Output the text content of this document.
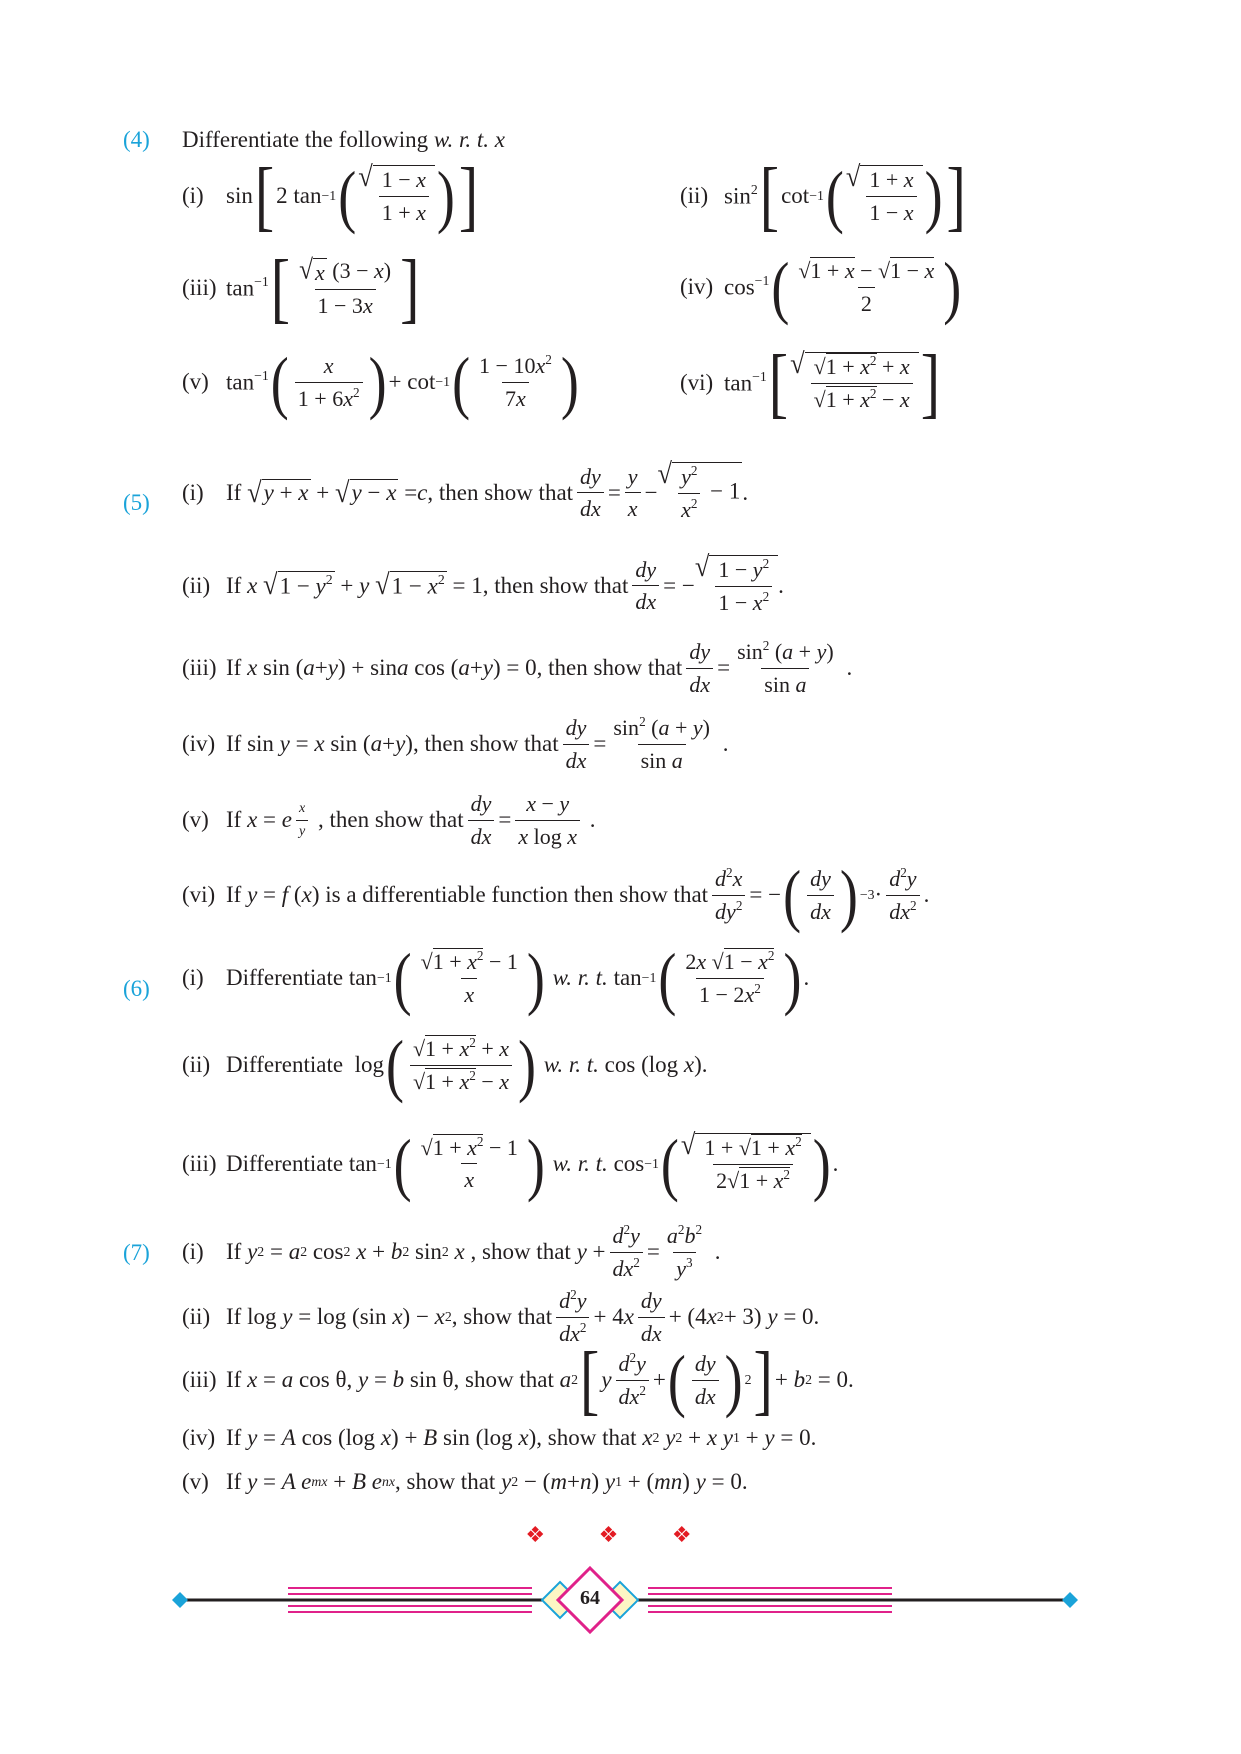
(4) Differentiate the following w. r. t. x
(i) sin [ 2 tan −1 ( √ $\frac{1 - x}{1 + x}$ ) ]	(ii) $\sin^2$ [ cot −1 ( √ $\frac{1 + x}{1 - x}$ ) ]
(iii) $\tan^{-1}$ [ $\frac{√ x (3 - x)}{1 - 3x}$ ]	(iv) $\cos^{-1}$ ( $\frac{√1 + x - √1 - x}{2}$ )
(v) $\tan^{-1}$ ( $\frac{x}{1 + 6x^2}$ ) + cot −1 ( $\frac{1 - 10x^2}{7x}$ )	(vi) $\tan^{-1}$ [ √ $\frac{√1 + x^2 + x}{√1 + x^2 - x}$ ]
(5) (i) If √ y + x + √ y − x = c , then show that $\frac{dy}{dx} = \frac{y}{x}$ −
√ $\frac{y^2}{x^2} - 1$ .
(ii) If x
√ $1 - y^2 + y$
√ $1 - x^2 = 1$ , then show that $\frac{dy}{dx}$ = −
√ $\frac{1 - y^2}{1 - x^2}$ .
(iii) If x sin ( a + y ) + sin a cos ( a + y ) = 0 , then show that $\frac{dy}{dx} = \frac{\sin^2 (a + y)}{\text{sin a}}$ .
(iv) If sin y = x sin ( a + y ) , then show that $\frac{dy}{dx} = \frac{\sin^2 (a + y)}{\text{sin a}}$ .
(v) If x = e $\frac{x}{y}$
, then show that $\frac{dy}{dx} = \frac{x - y}{\text{x log x}}$ .
(vi) If y = f ( x ) is a differentiable function then show that $\frac{d^2x}{dy^2}$ = − ( $\frac{dy}{dx}$ ) $-3 \cdot \frac{d^2y}{dx^2}$ .
(6) (i) Differentiate tan −1 ( $\frac{√1 + x^2 - 1}{x}$ )
w. r. t. tan −1 ( $\frac{2x √1 - x^2}{1 - 2x^2}$ ) .
(ii) Differentiate log ( $\frac{√1 + x^2 + x}{√1 + x^2 - x}$ )
w. r. t. cos (log x ).
(iii) Differentiate tan −1 ( $\frac{√1 + x^2 - 1}{x}$ )
w. r. t. cos −1 ( √ $\frac{1 + √1 + x^2}{2√1 + x^2}$ ) .
(7) (i) If y 2 = a 2 cos 2
x + b 2 sin 2
x , show that
$y + \frac{d^2y}{dx^2} = \frac{a^2b^2}{y^3}$ .
(ii) If log y = log (sin x ) − x 2 , show that $\frac{d^2y}{dx^2} + 4$ x $\frac{dy}{dx} + (4$ x 2 + 3) y = 0.
(iii) If x = a cos θ, y = b sin θ, show that
a 2 [ y $\frac{d^2y}{dx^2}$ + ( $\frac{dy}{dx}$ ) 2 ] + b 2 = 0.
(iv) If y = A cos (log x ) + B sin (log x ), show that
x 2
y 2 + x y 1 + y = 0.
(v) If y = A e mx + B e nx , show that
y 2 − ( m + n ) y 1 + ( mn ) y = 0.
❖ ❖ ❖
64
